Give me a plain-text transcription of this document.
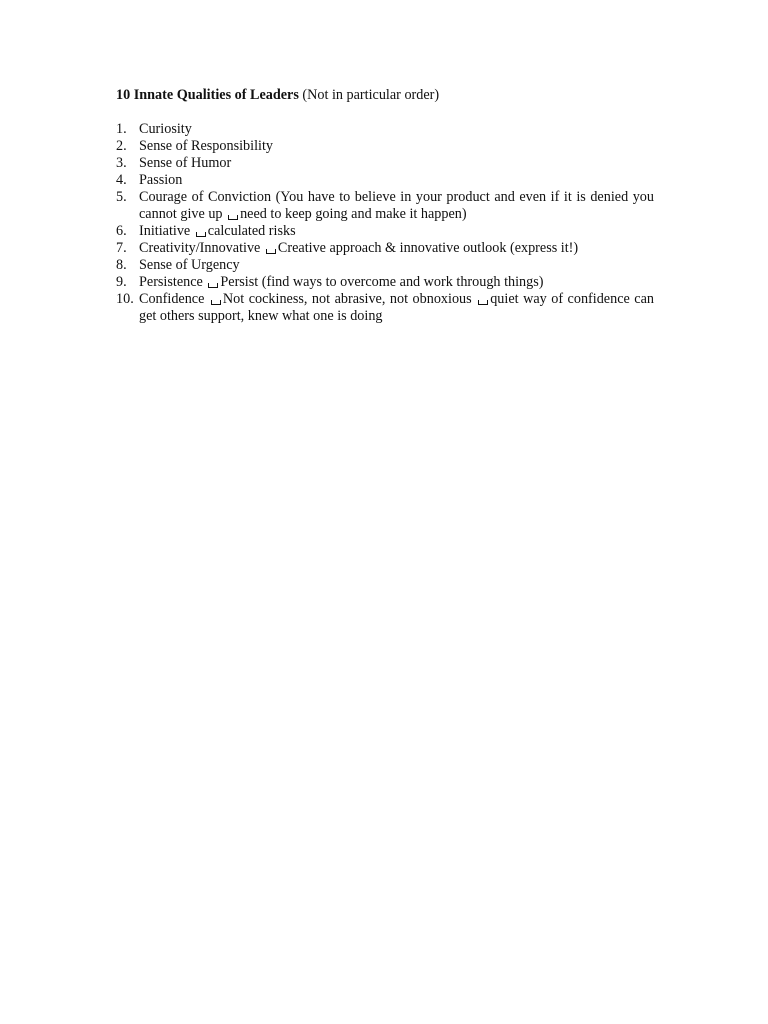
10 Innate Qualities of Leaders (Not in particular order)
1. Curiosity
2. Sense of Responsibility
3. Sense of Humor
4. Passion
5. Courage of Conviction (You have to believe in your product and even if it is denied you cannot give up need to keep going and make it happen)
6. Initiative calculated risks
7. Creativity/Innovative Creative approach & innovative outlook (express it!)
8. Sense of Urgency
9. Persistence Persist (find ways to overcome and work through things)
10. Confidence Not cockiness, not abrasive, not obnoxious quiet way of confidence can get others support, knew what one is doing
